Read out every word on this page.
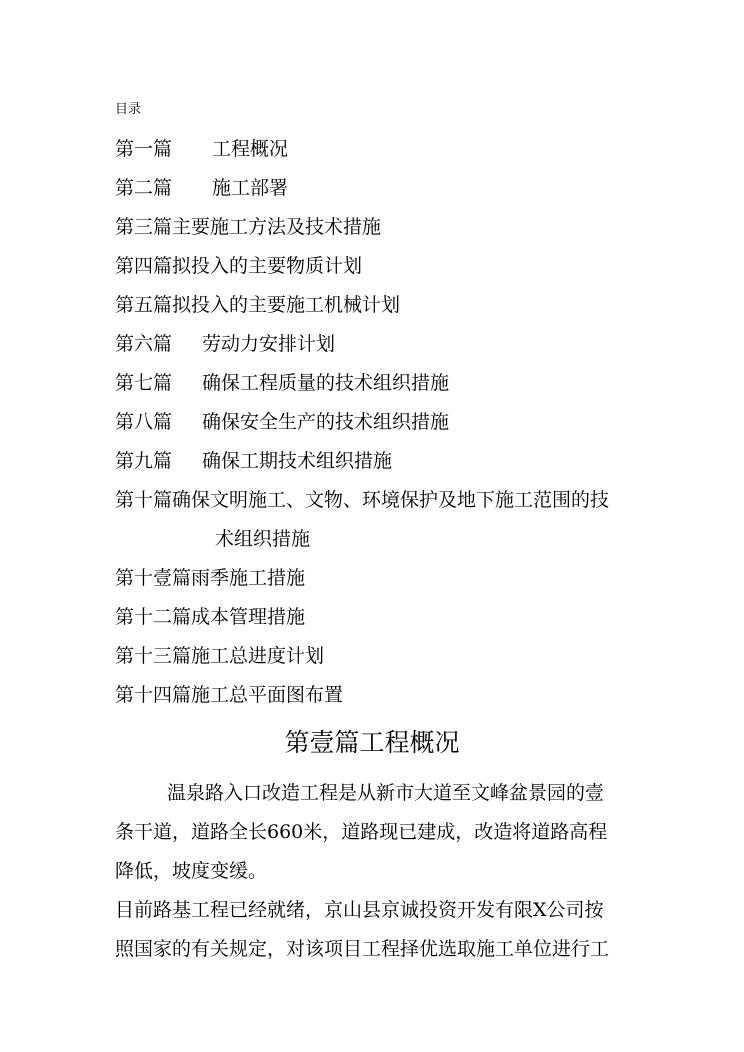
目录
第一篇 工程概况
第二篇 施工部署
第三篇 主要施工方法及技术措施
第四篇 拟投入的主要物质计划
第五篇 拟投入的主要施工机械计划
第六篇 劳动力安排计划
第七篇 确保工程质量的技术组织措施
第八篇 确保安全生产的技术组织措施
第九篇 确保工期技术组织措施
第十篇 确保文明施工、文物、环境保护及地下施工范围的技
术组织措施
第十壹篇 雨季施工措施
第十二篇 成本管理措施
第十三篇 施工总进度计划
第十四篇 施工总平面图布置
第壹篇工程概况
温泉路入口改造工程是从新市大道至文峰盆景园的壹
条干道，道路全长660米，道路现已建成，改造将道路高程
降低，坡度变缓。
目前路基工程已经就绪，京山县京诚投资开发有限X公司按
照国家的有关规定，对该项目工程择优选取施工单位进行工
